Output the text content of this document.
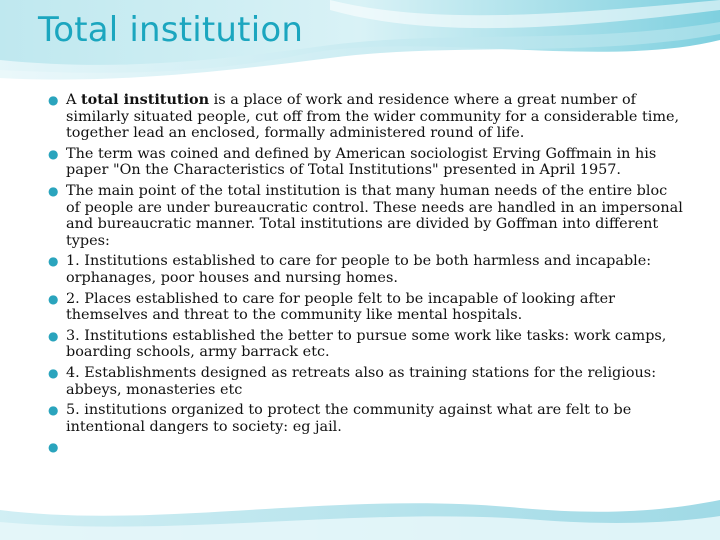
Total institution
● A total institution is a place of work and residence where a great number of similarly situated people, cut off from the wider community for a considerable time, together lead an enclosed, formally administered round of life.
● The term was coined and defined by American sociologist Erving Goffmain in his paper "On the Characteristics of Total Institutions" presented in April 1957.
● The main point of the total institution is that many human needs of the entire bloc of people are under bureaucratic control. These needs are handled in an impersonal and bureaucratic manner. Total institutions are divided by Goffman into different types:
● 1. Institutions established to care for people to be both harmless and incapable: orphanages, poor houses and nursing homes.
● 2. Places established to care for people felt to be incapable of looking after themselves and threat to the community like mental hospitals.
● 3. Institutions established the better to pursue some work like tasks: work camps, boarding schools, army barrack etc.
● 4. Establishments designed as retreats also as training stations for the religious: abbeys, monasteries etc
● 5. institutions organized to protect the community against what are felt to be intentional dangers to society: eg jail.
●
